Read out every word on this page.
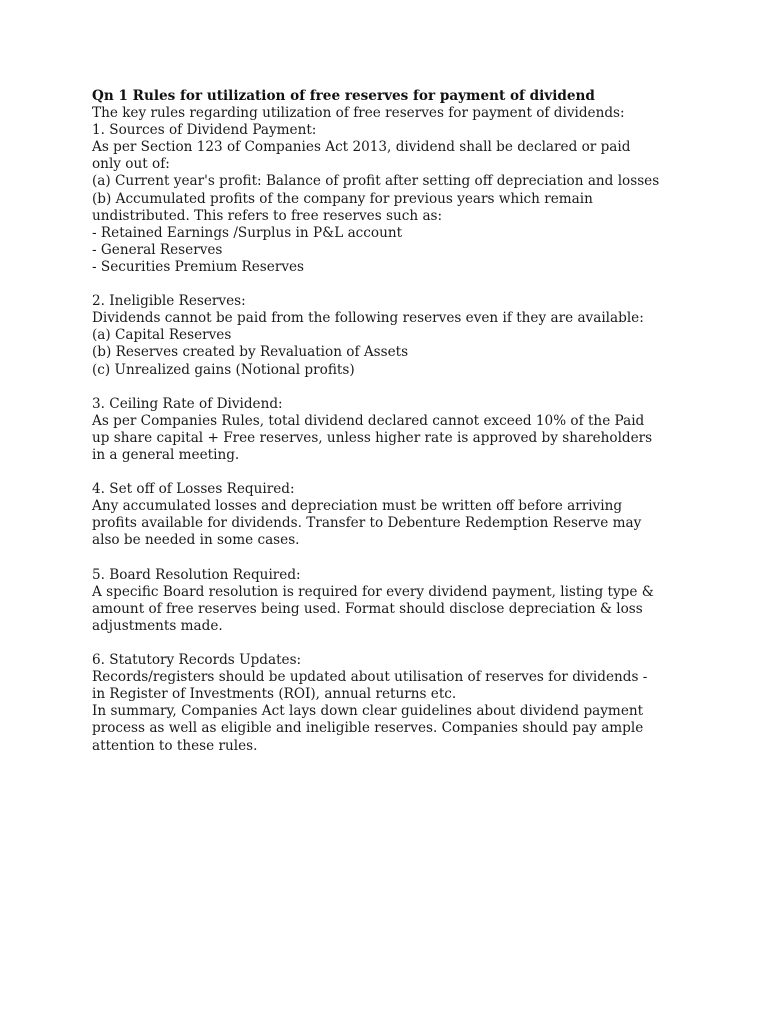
Qn 1 Rules for utilization of free reserves for payment of dividend
The key rules regarding utilization of free reserves for payment of dividends:
1. Sources of Dividend Payment:
As per Section 123 of Companies Act 2013, dividend shall be declared or paid
only out of:
(a) Current year's profit: Balance of profit after setting off depreciation and losses
(b) Accumulated profits of the company for previous years which remain
undistributed. This refers to free reserves such as:
- Retained Earnings /Surplus in P&L account
- General Reserves
- Securities Premium Reserves
2. Ineligible Reserves:
Dividends cannot be paid from the following reserves even if they are available:
(a) Capital Reserves
(b) Reserves created by Revaluation of Assets
(c) Unrealized gains (Notional profits)
3. Ceiling Rate of Dividend:
As per Companies Rules, total dividend declared cannot exceed 10% of the Paid
up share capital + Free reserves, unless higher rate is approved by shareholders
in a general meeting.
4. Set off of Losses Required:
Any accumulated losses and depreciation must be written off before arriving
profits available for dividends. Transfer to Debenture Redemption Reserve may
also be needed in some cases.
5. Board Resolution Required:
A specific Board resolution is required for every dividend payment, listing type &
amount of free reserves being used. Format should disclose depreciation & loss
adjustments made.
6. Statutory Records Updates:
Records/registers should be updated about utilisation of reserves for dividends -
in Register of Investments (ROI), annual returns etc.
In summary, Companies Act lays down clear guidelines about dividend payment
process as well as eligible and ineligible reserves. Companies should pay ample
attention to these rules.
